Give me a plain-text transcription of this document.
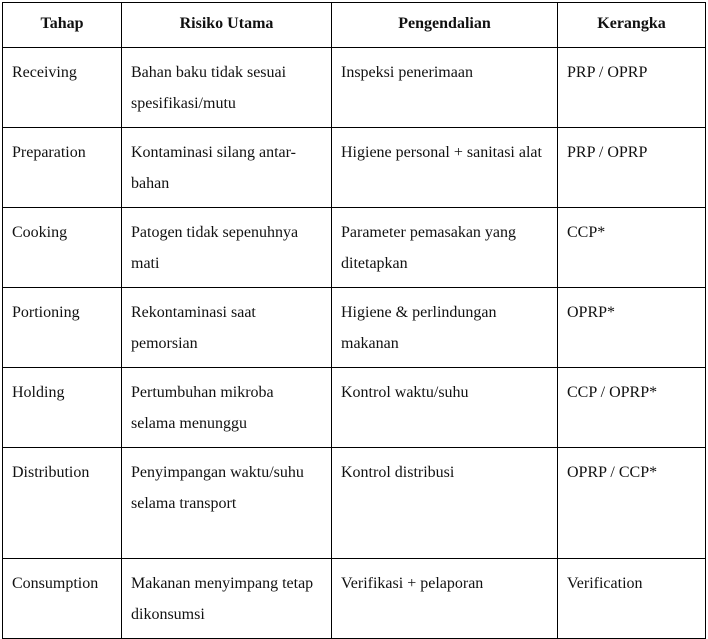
Tahap	Risiko Utama	Pengendalian	Kerangka
Receiving	Bahan baku tidak sesuai spesifikasi/mutu	Inspeksi penerimaan	PRP / OPRP
Preparation	Kontaminasi silang antar-bahan	Higiene personal + sanitasi alat	PRP / OPRP
Cooking	Patogen tidak sepenuhnya mati	Parameter pemasakan yang ditetapkan	CCP*
Portioning	Rekontaminasi saat pemorsian	Higiene & perlindungan makanan	OPRP*
Holding	Pertumbuhan mikroba selama menunggu	Kontrol waktu/suhu	CCP / OPRP*
Distribution	Penyimpangan waktu/suhu selama transport	Kontrol distribusi	OPRP / CCP*
Consumption	Makanan menyimpang tetap dikonsumsi	Verifikasi + pelaporan	Verification
